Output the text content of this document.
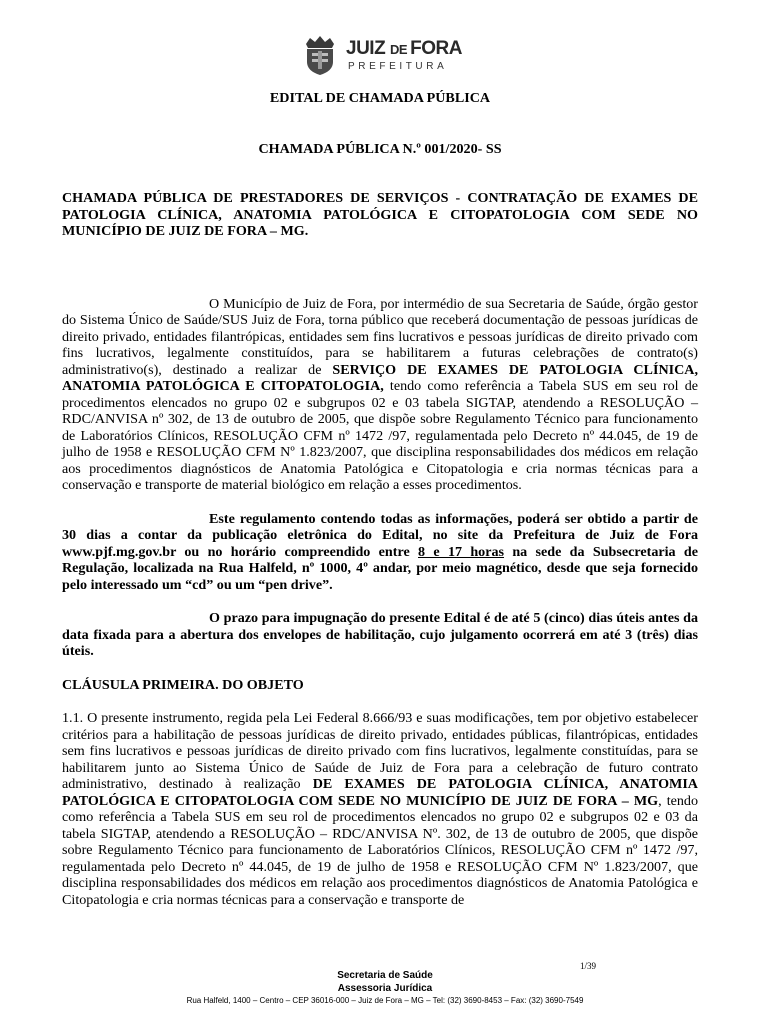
JUIZ DE FORA
PREFEITURA

EDITAL DE CHAMADA PÚBLICA

CHAMADA PÚBLICA N.º 001/2020- SS

CHAMADA PÚBLICA DE PRESTADORES DE SERVIÇOS - CONTRATAÇÃO DE EXAMES DE PATOLOGIA CLÍNICA, ANATOMIA PATOLÓGICA E CITOPATOLOGIA COM SEDE NO MUNICÍPIO DE JUIZ DE FORA – MG.

O Município de Juiz de Fora, por intermédio de sua Secretaria de Saúde, órgão gestor do Sistema Único de Saúde/SUS Juiz de Fora, torna público que receberá documentação de pessoas jurídicas de direito privado, entidades filantrópicas, entidades sem fins lucrativos e pessoas jurídicas de direito privado com fins lucrativos, legalmente constituídos, para se habilitarem a futuras celebrações de contrato(s) administrativo(s), destinado a realizar de SERVIÇO DE EXAMES DE PATOLOGIA CLÍNICA, ANATOMIA PATOLÓGICA E CITOPATOLOGIA, tendo como referência a Tabela SUS em seu rol de procedimentos elencados no grupo 02 e subgrupos 02 e 03 tabela SIGTAP, atendendo a RESOLUÇÃO – RDC/ANVISA nº 302, de 13 de outubro de 2005, que dispõe sobre Regulamento Técnico para funcionamento de Laboratórios Clínicos, RESOLUÇÃO CFM nº 1472 /97, regulamentada pelo Decreto nº 44.045, de 19 de julho de 1958 e RESOLUÇÃO CFM Nº 1.823/2007, que disciplina responsabilidades dos médicos em relação aos procedimentos diagnósticos de Anatomia Patológica e Citopatologia e cria normas técnicas para a conservação e transporte de material biológico em relação a esses procedimentos.

Este regulamento contendo todas as informações, poderá ser obtido a partir de 30 dias a contar da publicação eletrônica do Edital, no site da Prefeitura de Juiz de Fora www.pjf.mg.gov.br ou no horário compreendido entre 8 e 17 horas na sede da Subsecretaria de Regulação, localizada na Rua Halfeld, nº 1000, 4º andar, por meio magnético, desde que seja fornecido pelo interessado um “cd” ou um “pen drive”.

O prazo para impugnação do presente Edital é de até 5 (cinco) dias úteis antes da data fixada para a abertura dos envelopes de habilitação, cujo julgamento ocorrerá em até 3 (três) dias úteis.

CLÁUSULA PRIMEIRA. DO OBJETO

1.1. O presente instrumento, regida pela Lei Federal 8.666/93 e suas modificações, tem por objetivo estabelecer critérios para a habilitação de pessoas jurídicas de direito privado, entidades públicas, filantrópicas, entidades sem fins lucrativos e pessoas jurídicas de direito privado com fins lucrativos, legalmente constituídas, para se habilitarem junto ao Sistema Único de Saúde de Juiz de Fora para a celebração de futuro contrato administrativo, destinado à realização DE EXAMES DE PATOLOGIA CLÍNICA, ANATOMIA PATOLÓGICA E CITOPATOLOGIA COM SEDE NO MUNICÍPIO DE JUIZ DE FORA – MG, tendo como referência a Tabela SUS em seu rol de procedimentos elencados no grupo 02 e subgrupos 02 e 03 da tabela SIGTAP, atendendo a RESOLUÇÃO – RDC/ANVISA Nº. 302, de 13 de outubro de 2005, que dispõe sobre Regulamento Técnico para funcionamento de Laboratórios Clínicos, RESOLUÇÃO CFM nº 1472 /97, regulamentada pelo Decreto nº 44.045, de 19 de julho de 1958 e RESOLUÇÃO CFM Nº 1.823/2007, que disciplina responsabilidades dos médicos em relação aos procedimentos diagnósticos de Anatomia Patológica e Citopatologia e cria normas técnicas para a conservação e transporte de

1/39
Secretaria de Saúde
Assessoria Jurídica
Rua Halfeld, 1400 – Centro – CEP 36016-000 – Juiz de Fora – MG – Tel: (32) 3690-8453 – Fax: (32) 3690-7549
